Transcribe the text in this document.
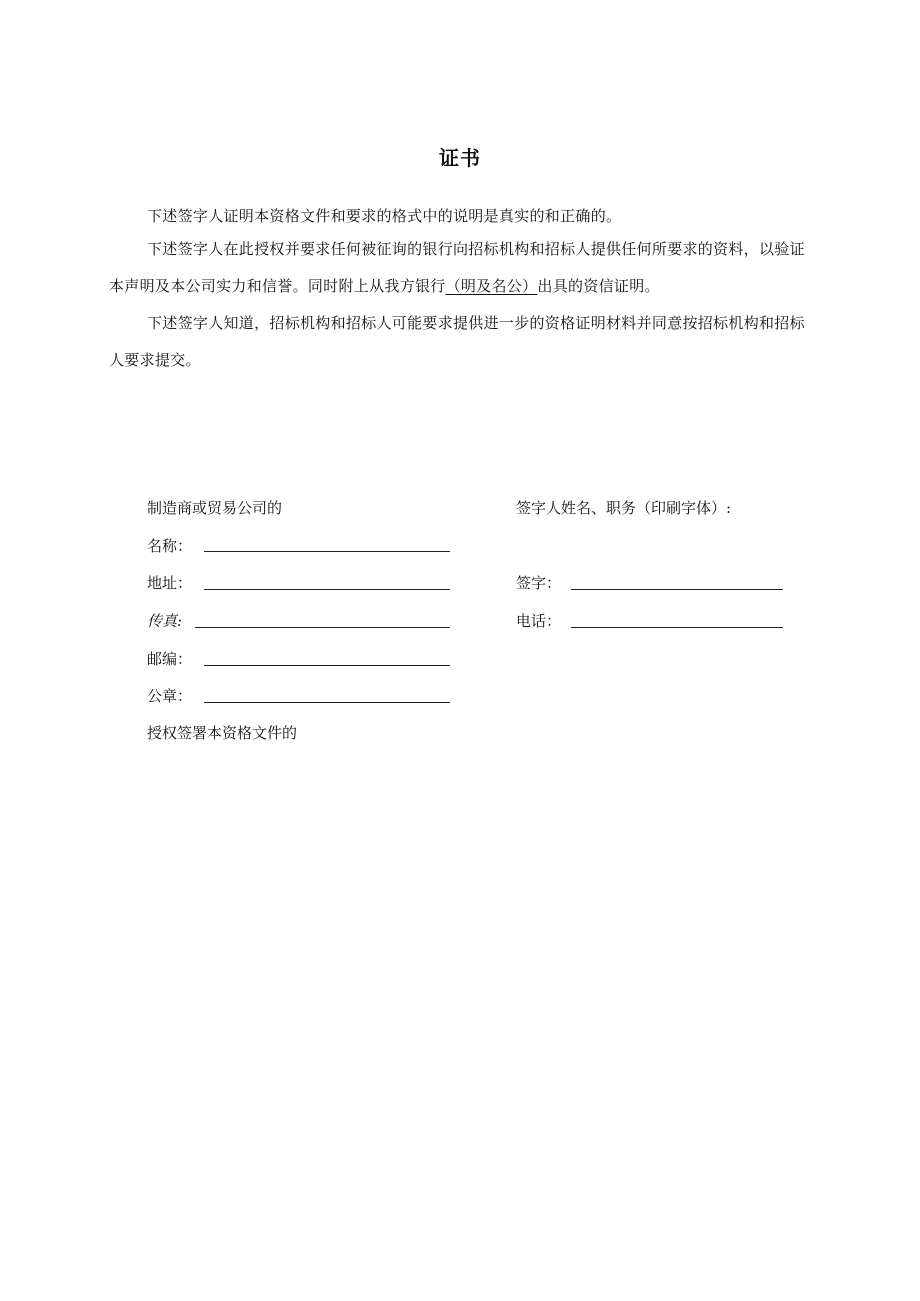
证书
下述签字人证明本资格文件和要求的格式中的说明是真实的和正确的。
下述签字人在此授权并要求任何被征询的银行向招标机构和招标人提供任何所要求的资料，以验证本声明及本公司实力和信誉。同时附上从我方银行（明及名公）出具的资信证明。
下述签字人知道，招标机构和招标人可能要求提供进一步的资格证明材料并同意按招标机构和招标人要求提交。
制造商或贸易公司的
名称：
地址：
传真:
邮编：
公章：
授权签署本资格文件的
签字人姓名、职务（印刷字体）:
签字：
电话：
